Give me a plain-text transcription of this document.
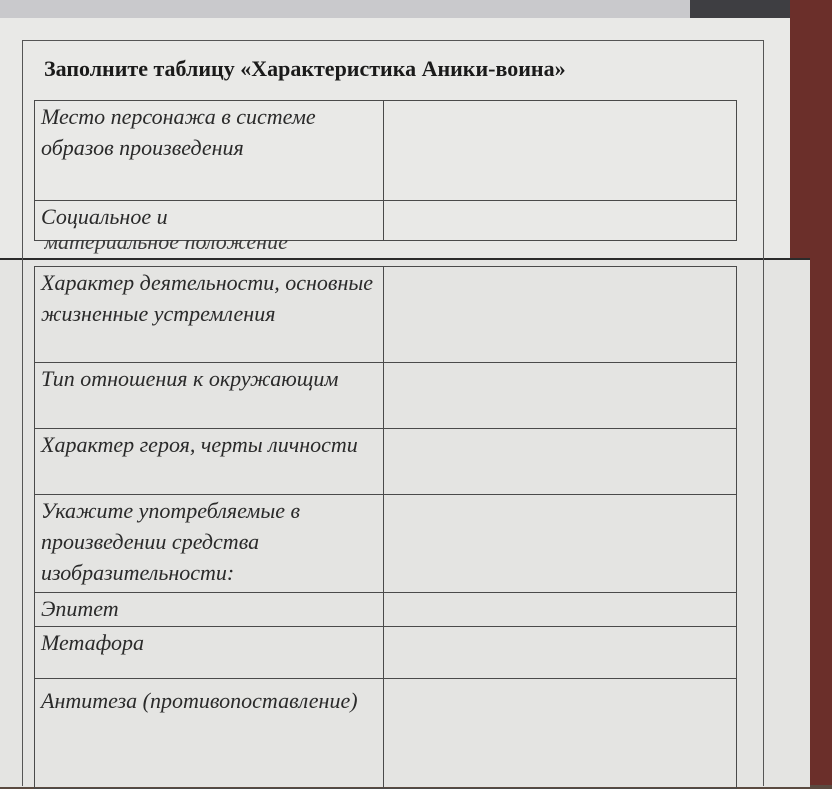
Заполните таблицу «Характеристика Аники-воина»
Место персонажа в системе образов произведения	
Социальное и	
материальное положение
Характер деятельности, основные жизненные устремления	
Тип отношения к окружающим	
Характер героя, черты личности	
Укажите употребляемые в произведении средства изобразительности:	
Эпитет	
Метафора	
Антитеза (противопоставление)	
